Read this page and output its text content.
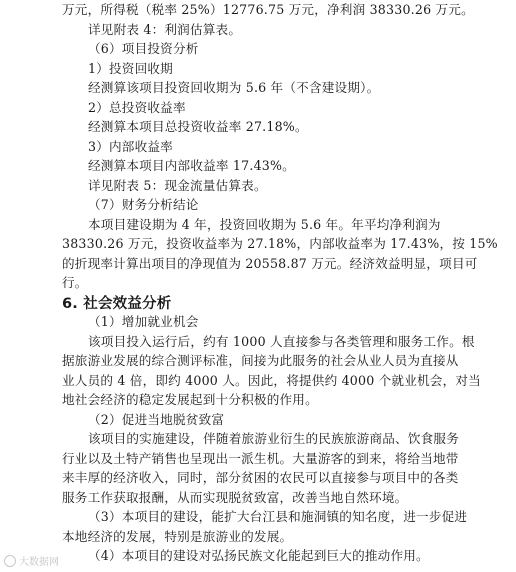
万元，所得税（税率 25%）12776.75 万元，净利润 38330.26 万元。
详见附表 4：利润估算表。
（6）项目投资分析
1）投资回收期
经测算该项目投资回收期为 5.6 年（不含建设期）。
2）总投资收益率
经测算本项目总投资收益率 27.18%。
3）内部收益率
经测算本项目内部收益率 17.43%。
详见附表 5：现金流量估算表。
（7）财务分析结论
本项目建设期为 4 年，投资回收期为 5.6 年。年平均净利润为
38330.26 万元，投资收益率为 27.18%，内部收益率为 17.43%，按 15%
的折现率计算出项目的净现值为 20558.87 万元。经济效益明显，项目可
行。
6. 社会效益分析
（1）增加就业机会
该项目投入运行后，约有 1000 人直接参与各类管理和服务工作。根
据旅游业发展的综合测评标准，间接为此服务的社会从业人员为直接从
业人员的 4 倍，即约 4000 人。因此，将提供约 4000 个就业机会，对当
地社会经济的稳定发展起到十分积极的作用。
（2）促进当地脱贫致富
该项目的实施建设，伴随着旅游业衍生的民族旅游商品、饮食服务
行业以及土特产销售也呈现出一派生机。大量游客的到来，将给当地带
来丰厚的经济收入，同时，部分贫困的农民可以直接参与项目中的各类
服务工作获取报酬，从而实现脱贫致富，改善当地自然环境。
（3）本项目的建设，能扩大台江县和施洞镇的知名度，进一步促进
本地经济的发展，特别是旅游业的发展。
（4）本项目的建设对弘扬民族文化能起到巨大的推动作用。
大数据网
